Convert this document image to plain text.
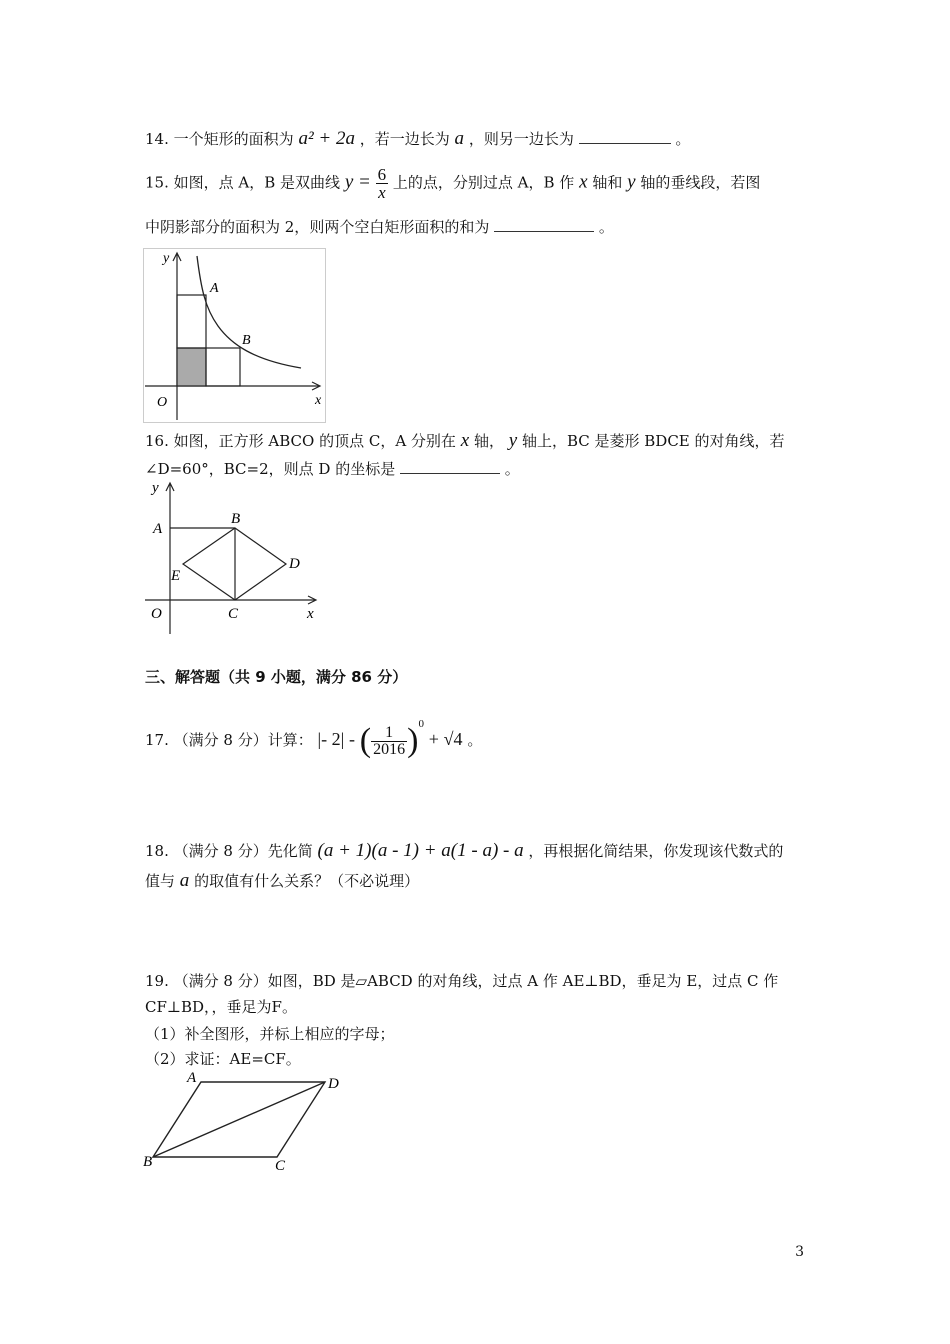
14. 一个矩形的面积为 a² + 2a ，若一边长为 a ，则另一边长为	。
15. 如图，点 A，B 是双曲线 $y = \frac{6}{x}$ 上的点，分别过点 A，B 作 x 轴和 y 轴的垂线段，若图
中阴影部分的面积为 2，则两个空白矩形面积的和为	。
y
A
B
O	x
16. 如图，正方形 ABCO 的顶点 C，A 分别在 x 轴， y 轴上，BC 是菱形 BDCE 的对角线，若
∠D=60°，BC=2，则点 D 的坐标是	。
y
A
B
D
E
O	C	x
三、解答题（共 9 小题，满分 86 分）
17. （满分 8 分）计算： |- 2| - ( $\frac{1}{2016} )^0 + √4$ 。
18. （满分 8 分）先化简 (a + 1)(a - 1) + a(1 - a) - a ，再根据化简结果，你发现该代数式的
值与 a 的取值有什么关系？（不必说理）
19. （满分 8 分）如图，BD 是▱ABCD 的对角线，过点 A 作 AE⊥BD，垂足为 E，过点 C 作
CF⊥BD，，垂足为F。
（1）补全图形，并标上相应的字母；
（2）求证：AE=CF。
A	D
B	C
3
